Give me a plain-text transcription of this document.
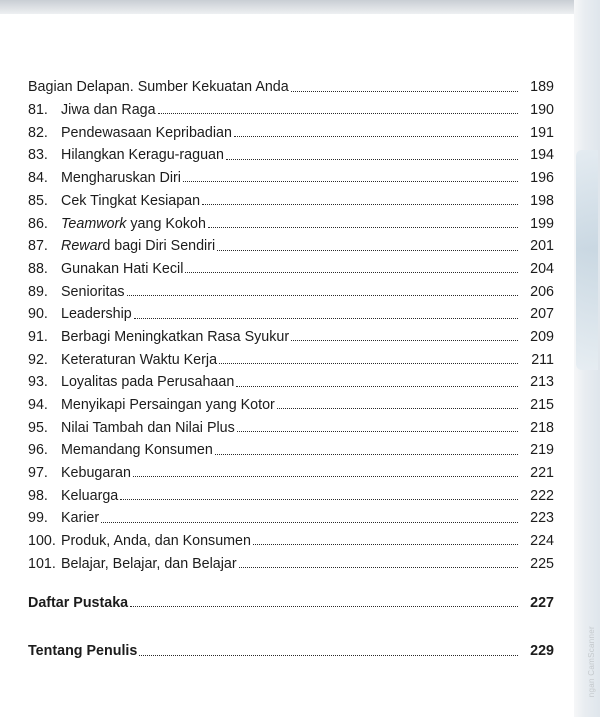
ngan CamScanner
Bagian Delapan. Sumber Kekuatan Anda	189
81. Jiwa dan Raga	190
82. Pendewasaan Kepribadian	191
83. Hilangkan Keragu-raguan	194
84. Mengharuskan Diri	196
85. Cek Tingkat Kesiapan	198
86. Teamwork yang Kokoh	199
87. Reward bagi Diri Sendiri	201
88. Gunakan Hati Kecil	204
89. Senioritas	206
90. Leadership	207
91. Berbagi Meningkatkan Rasa Syukur	209
92. Keteraturan Waktu Kerja	211
93. Loyalitas pada Perusahaan	213
94. Menyikapi Persaingan yang Kotor	215
95. Nilai Tambah dan Nilai Plus	218
96. Memandang Konsumen	219
97. Kebugaran	221
98. Keluarga	222
99. Karier	223
100. Produk, Anda, dan Konsumen	224
101. Belajar, Belajar, dan Belajar	225
Daftar Pustaka	227
Tentang Penulis	229
